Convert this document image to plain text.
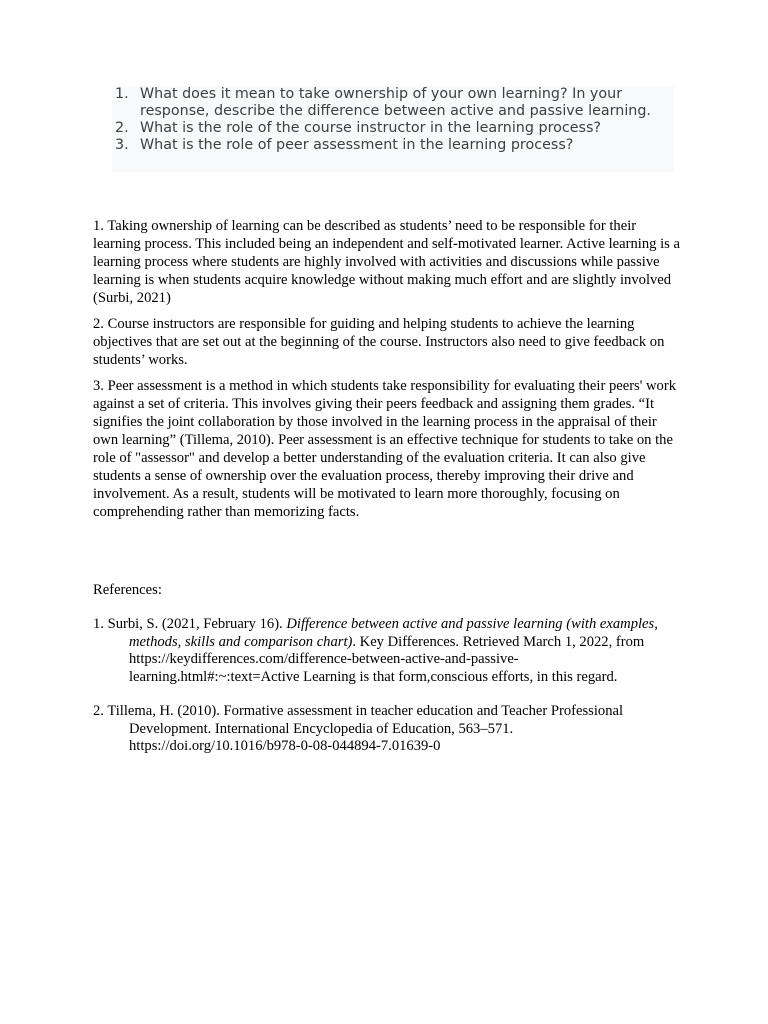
1. What does it mean to take ownership of your own learning? In your response, describe the difference between active and passive learning.
2. What is the role of the course instructor in the learning process?
3. What is the role of peer assessment in the learning process?

1. Taking ownership of learning can be described as students’ need to be responsible for their learning process. This included being an independent and self-motivated learner. Active learning is a learning process where students are highly involved with activities and discussions while passive learning is when students acquire knowledge without making much effort and are slightly involved (Surbi, 2021)

2. Course instructors are responsible for guiding and helping students to achieve the learning objectives that are set out at the beginning of the course. Instructors also need to give feedback on students’ works.

3. Peer assessment is a method in which students take responsibility for evaluating their peers' work against a set of criteria. This involves giving their peers feedback and assigning them grades. “It signifies the joint collaboration by those involved in the learning process in the appraisal of their own learning” (Tillema, 2010). Peer assessment is an effective technique for students to take on the role of "assessor" and develop a better understanding of the evaluation criteria. It can also give students a sense of ownership over the evaluation process, thereby improving their drive and involvement. As a result, students will be motivated to learn more thoroughly, focusing on comprehending rather than memorizing facts.

References:
1. Surbi, S. (2021, February 16). Difference between active and passive learning (with examples, methods, skills and comparison chart). Key Differences. Retrieved March 1, 2022, from https://keydifferences.com/difference-between-active-and-passive-learning.html#:~:text=Active Learning is that form,conscious efforts, in this regard.
2. Tillema, H. (2010). Formative assessment in teacher education and Teacher Professional Development. International Encyclopedia of Education, 563–571. https://doi.org/10.1016/b978-0-08-044894-7.01639-0
